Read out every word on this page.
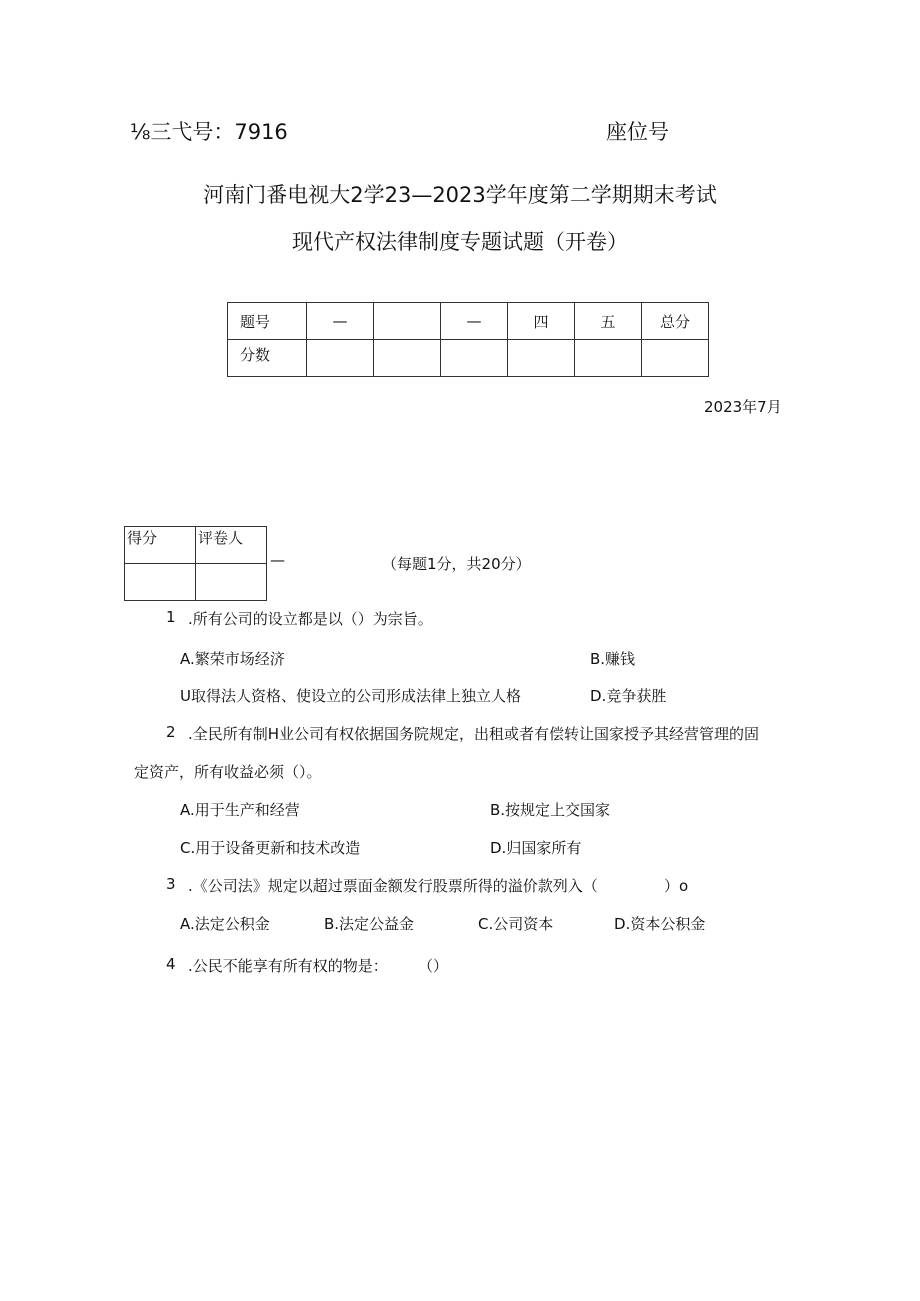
⅛三弋号：7916	座位号
河南门番电视大2学23—2023学年度第二学期期末考试
现代产权法律制度专题试题（开卷）
题号	—		—	四	五	总分
分数						
2023年7月
得分	评卷人

—	（每题1分，共20分）
1 .所有公司的设立都是以（）为宗旨。
A.繁荣市场经济	B.赚钱
U取得法人资格、使设立的公司形成法律上独立人格	D.竞争获胜
2 .全民所有制H业公司有权依据国务院规定，出租或者有偿转让国家授予其经营管理的固
定资产，所有收益必须（）。
A.用于生产和经营	B.按规定上交国家
C.用于设备更新和技术改造	D.归国家所有
3 .《公司法》规定以超过票面金额发行股票所得的溢价款列入（	）o
A.法定公积金	B.法定公益金	C.公司资本	D.资本公积金
4 .公民不能享有所有权的物是： （）
